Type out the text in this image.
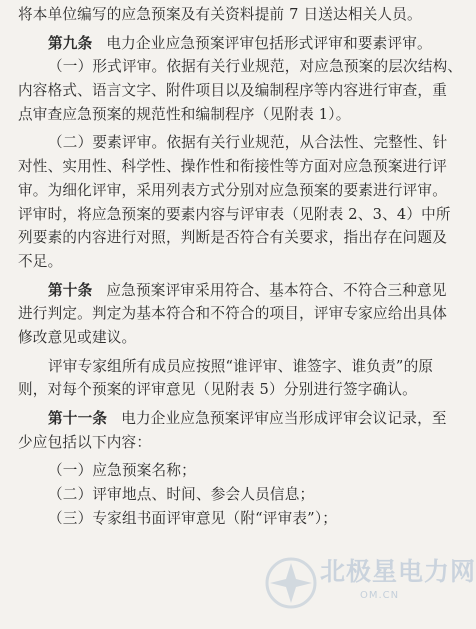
将本单位编写的应急预案及有关资料提前 7 日送达相关人员。
第九条 电力企业应急预案评审包括形式评审和要素评审。
（一）形式评审。依据有关行业规范，对应急预案的层次结构、
内容格式、语言文字、附件项目以及编制程序等内容进行审查，重
点审查应急预案的规范性和编制程序（见附表 1）。
（二）要素评审。依据有关行业规范，从合法性、完整性、针
对性、实用性、科学性、操作性和衔接性等方面对应急预案进行评
审。为细化评审，采用列表方式分别对应急预案的要素进行评审。
评审时，将应急预案的要素内容与评审表（见附表 2、3、4）中所
列要素的内容进行对照，判断是否符合有关要求，指出存在问题及
不足。
第十条 应急预案评审采用符合、基本符合、不符合三种意见
进行判定。判定为基本符合和不符合的项目，评审专家应给出具体
修改意见或建议。
评审专家组所有成员应按照“谁评审、谁签字、谁负责”的原
则，对每个预案的评审意见（见附表 5）分别进行签字确认。
第十一条 电力企业应急预案评审应当形成评审会议记录，至
少应包括以下内容：
（一）应急预案名称；
（二）评审地点、时间、参会人员信息；
（三）专家组书面评审意见（附“评审表”）；
北极星电力网
OM.CN
